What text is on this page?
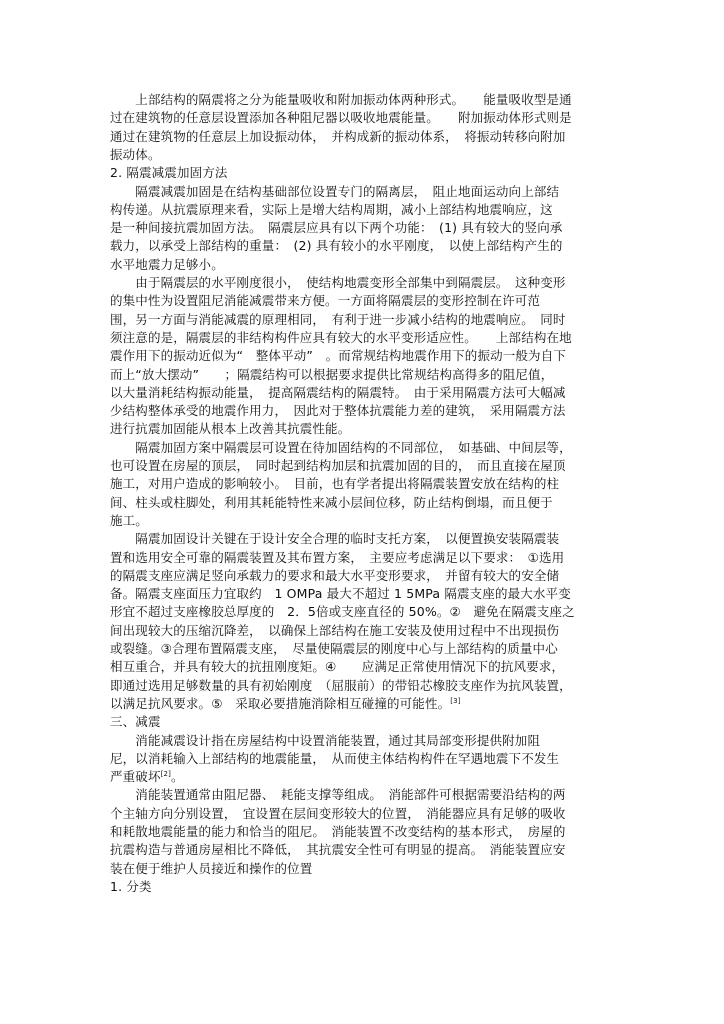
　　上部结构的隔震将之分为能量吸收和附加振动体两种形式。　　能量吸收型是通
过在建筑物的任意层设置添加各种阻尼器以吸收地震能量。　　附加振动体形式则是
通过在建筑物的任意层上加设振动体，　并构成新的振动体系，　将振动转移向附加
振动体。
2. 隔震减震加固方法
　　隔震减震加固是在结构基础部位设置专门的隔离层，　阻止地面运动向上部结
构传递。从抗震原理来看，实际上是增大结构周期，减小上部结构地震响应，这
是一种间接抗震加固方法。　隔震层应具有以下两个功能：　(1) 具有较大的竖向承
载力，以承受上部结构的重量：　(2) 具有较小的水平刚度，　以使上部结构产生的
水平地震力足够小。
　　由于隔震层的水平刚度很小，　使结构地震变形全部集中到隔震层。　这种变形
的集中性为设置阻尼消能减震带来方便。一方面将隔震层的变形控制在许可范
围，另一方面与消能减震的原理相同，　有利于进一步减小结构的地震响应。　同时
须注意的是，隔震层的非结构构件应具有较大的水平变形适应性。　　上部结构在地
震作用下的振动近似为“　整体平动”　。而常规结构地震作用下的振动一般为自下
而上“放大摆动”　　；隔震结构可以根据要求提供比常规结构高得多的阻尼值，
以大量消耗结构振动能量，　提高隔震结构的隔震特。　由于采用隔震方法可大幅减
少结构整体承受的地震作用力，　因此对于整体抗震能力差的建筑，　采用隔震方法
进行抗震加固能从根本上改善其抗震性能。
　　隔震加固方案中隔震层可设置在待加固结构的不同部位，　如基础、中间层等，
也可设置在房屋的顶层，　同时起到结构加层和抗震加固的目的，　而且直接在屋顶
施工，对用户造成的影响较小。　目前，也有学者提出将隔震装置安放在结构的柱
间、柱头或柱脚处，利用其耗能特性来减小层间位移，防止结构倒塌，而且便于
施工。
　　隔震加固设计关键在于设计安全合理的临时支托方案，　以便置换安装隔震装
置和选用安全可靠的隔震装置及其布置方案，　主要应考虑满足以下要求：　①选用
的隔震支座应满足竖向承载力的要求和最大水平变形要求，　并留有较大的安全储
备。隔震支座面压力宜取约　1 OMPa 最大不超过 1 5MPa 隔震支座的最大水平变
形宜不超过支座橡胶总厚度的　2．5倍或支座直径的 50%。②　避免在隔震支座之
间出现较大的压缩沉降差，　以确保上部结构在施工安装及使用过程中不出现损伤
或裂缝。③合理布置隔震支座，　尽量使隔震层的刚度中心与上部结构的质量中心
相互重合，并具有较大的抗扭刚度矩。④　　应满足正常使用情况下的抗风要求，
即通过选用足够数量的具有初始刚度　（屈服前）的带铅芯橡胶支座作为抗风装置，
以满足抗风要求。⑤　采取必要措施消除相互碰撞的可能性。[3]
三、减震
　　消能减震设计指在房屋结构中设置消能装置，通过其局部变形提供附加阻
尼，以消耗输入上部结构的地震能量，　从而使主体结构构件在罕遇地震下不发生
严重破坏[2]。
　　消能装置通常由阻尼器、　耗能支撑等组成。　消能部件可根据需要沿结构的两
个主轴方向分别设置，　宜设置在层间变形较大的位置，　消能器应具有足够的吸收
和耗散地震能量的能力和恰当的阻尼。　消能装置不改变结构的基本形式，　房屋的
抗震构造与普通房屋相比不降低，　其抗震安全性可有明显的提高。　消能装置应安
装在便于维护人员接近和操作的位置
1. 分类
